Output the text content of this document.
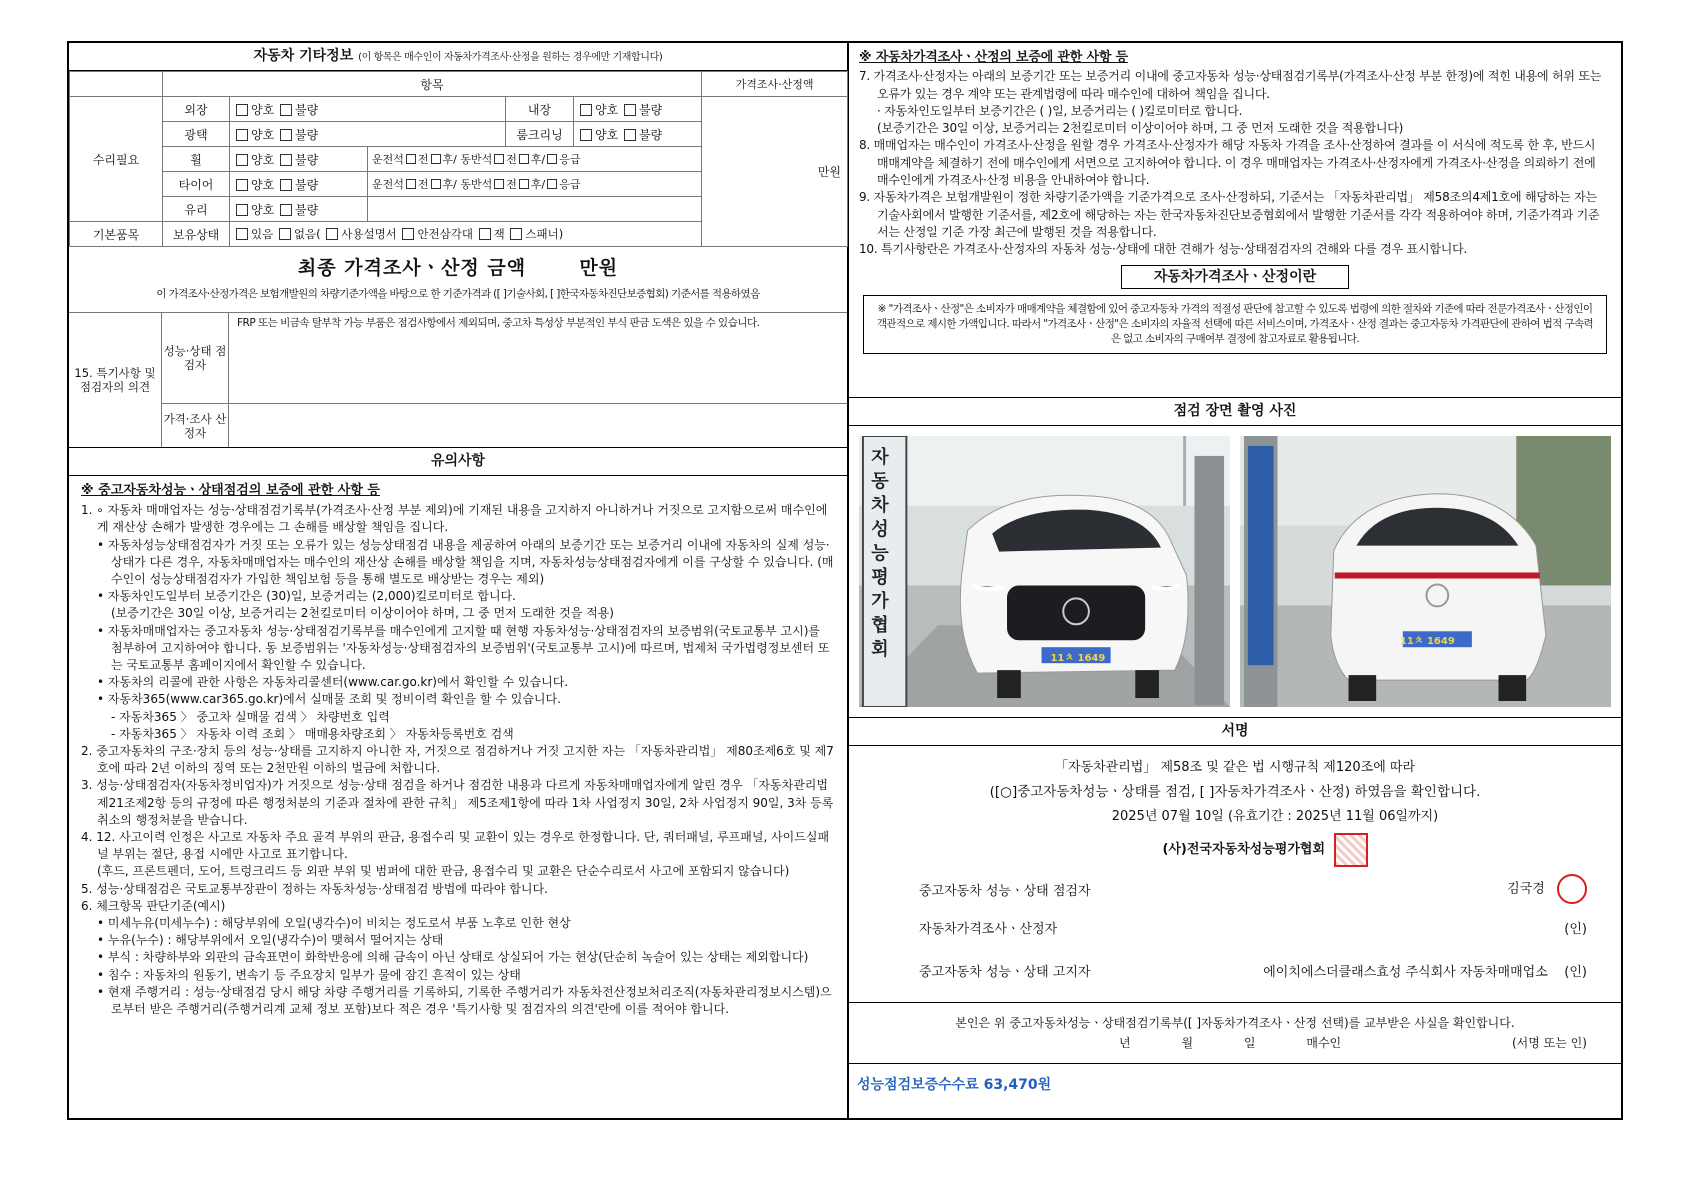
자동차 기타정보 (이 항목은 매수인이 자동차가격조사·산정을 원하는 경우에만 기재합니다)
	항목					가격조사·산정액
수리필요	외장	양호 불량		내장	양호 불량	만원
	광택	양호 불량		룸크리닝	양호 불량	
	휠	양호 불량	운전석 전 후/ 동반석 전 후/ 응급			
	타이어	양호 불량	운전석 전 후/ 동반석 전 후/ 응급			
	유리	양호 불량				
기본품목	보유상태	있음 없음( 사용설명서 안전삼각대 잭 스패너)				
최종 가격조사ㆍ산정 금액	만원
이 가격조사·산정가격은 보험개발원의 차량기준가액을 바탕으로 한 기준가격과 ([ ]기술사회, [ ]한국자동차진단보증협회) 기준서를 적용하였음
15. 특기사항 및 점검자의 의견
성능·상태 점검자
FRP 또는 비금속 탈부착 가능 부품은 점검사항에서 제외되며, 중고차 특성상 부분적인 부식 판금 도색은 있을 수 있습니다.
가격·조사 산정자
유의사항
※ 중고자동차성능ㆍ상태점검의 보증에 관한 사항 등

1. ∘ 자동차 매매업자는 성능·상태점검기록부(가격조사·산정 부분 제외)에 기재된 내용을 고지하지 아니하거나 거짓으로 고지함으로써 매수인에게 재산상 손해가 발생한 경우에는 그 손해를 배상할 책임을 집니다.

• 자동차성능상태점검자가 거짓 또는 오류가 있는 성능상태점검 내용을 제공하여 아래의 보증기간 또는 보증거리 이내에 자동차의 실제 성능·상태가 다른 경우, 자동차매매업자는 매수인의 재산상 손해를 배상할 책임을 지며, 자동차성능상태점검자에게 이를 구상할 수 있습니다. (매수인이 성능상태점검자가 가입한 책임보험 등을 통해 별도로 배상받는 경우는 제외)

• 자동차인도일부터 보증기간은 (30)일, 보증거리는 (2,000)킬로미터로 합니다.

(보증기간은 30일 이상, 보증거리는 2천킬로미터 이상이어야 하며, 그 중 먼저 도래한 것을 적용)

• 자동차매매업자는 중고자동차 성능·상태점검기록부를 매수인에게 고지할 때 현행 자동차성능·상태점검자의 보증범위(국토교통부 고시)를 첨부하여 고지하여야 합니다. 동 보증범위는 '자동차성능·상태점검자의 보증범위'(국토교통부 고시)에 따르며, 법제처 국가법령정보센터 또는 국토교통부 홈페이지에서 확인할 수 있습니다.

• 자동차의 리콜에 관한 사항은 자동차리콜센터(www.car.go.kr)에서 확인할 수 있습니다.

• 자동차365(www.car365.go.kr)에서 실매물 조회 및 정비이력 확인을 할 수 있습니다.

- 자동차365 〉 중고차 실매물 검색 〉 차량번호 입력

- 자동차365 〉 자동차 이력 조회 〉 매매용차량조회 〉 자동차등록번호 검색

2. 중고자동차의 구조·장치 등의 성능·상태를 고지하지 아니한 자, 거짓으로 점검하거나 거짓 고지한 자는 「자동차관리법」 제80조제6호 및 제7호에 따라 2년 이하의 징역 또는 2천만원 이하의 벌금에 처합니다.

3. 성능·상태점검자(자동차정비업자)가 거짓으로 성능·상태 점검을 하거나 점검한 내용과 다르게 자동차매매업자에게 알린 경우 「자동차관리법 제21조제2항 등의 규정에 따른 행정처분의 기준과 절차에 관한 규칙」 제5조제1항에 따라 1차 사업정지 30일, 2차 사업정지 90일, 3차 등록취소의 행정처분을 받습니다.

4. 12. 사고이력 인정은 사고로 자동차 주요 골격 부위의 판금, 용접수리 및 교환이 있는 경우로 한정합니다. 단, 쿼터패널, 루프패널, 사이드실패널 부위는 절단, 용접 시에만 사고로 표기합니다.

(후드, 프론트펜더, 도어, 트렁크리드 등 외판 부위 및 범퍼에 대한 판금, 용접수리 및 교환은 단순수리로서 사고에 포함되지 않습니다)

5. 성능·상태점검은 국토교통부장관이 정하는 자동차성능·상태점검 방법에 따라야 합니다.

6. 체크항목 판단기준(예시)

• 미세누유(미세누수) : 해당부위에 오일(냉각수)이 비치는 정도로서 부품 노후로 인한 현상

• 누유(누수) : 해당부위에서 오일(냉각수)이 맺혀서 떨어지는 상태

• 부식 : 차량하부와 외판의 금속표면이 화학반응에 의해 금속이 아닌 상태로 상실되어 가는 현상(단순히 녹슬어 있는 상태는 제외합니다)

• 침수 : 자동차의 원동기, 변속기 등 주요장치 일부가 물에 잠긴 흔적이 있는 상태

• 현재 주행거리 : 성능·상태점검 당시 해당 차량 주행거리를 기록하되, 기록한 주행거리가 자동차전산정보처리조직(자동차관리정보시스템)으로부터 받은 주행거리(주행거리계 교체 정보 포함)보다 적은 경우 '특기사항 및 점검자의 의견'란에 이를 적어야 합니다.

※ 자동차가격조사ㆍ산정의 보증에 관한 사항 등

7. 가격조사·산정자는 아래의 보증기간 또는 보증거리 이내에 중고자동차 성능·상태점검기록부(가격조사·산정 부분 한정)에 적힌 내용에 허위 또는 오류가 있는 경우 계약 또는 관계법령에 따라 매수인에 대하여 책임을 집니다.

· 자동차인도일부터 보증기간은 ( )일, 보증거리는 ( )킬로미터로 합니다.

(보증기간은 30일 이상, 보증거리는 2천킬로미터 이상이어야 하며, 그 중 먼저 도래한 것을 적용합니다)

8. 매매업자는 매수인이 가격조사·산정을 원할 경우 가격조사·산정자가 해당 자동차 가격을 조사·산정하여 결과를 이 서식에 적도록 한 후, 반드시 매매계약을 체결하기 전에 매수인에게 서면으로 고지하여야 합니다. 이 경우 매매업자는 가격조사·산정자에게 가격조사·산정을 의뢰하기 전에 매수인에게 가격조사·산정 비용을 안내하여야 합니다.

9. 자동차가격은 보험개발원이 정한 차량기준가액을 기준가격으로 조사·산정하되, 기준서는 「자동차관리법」 제58조의4제1호에 해당하는 자는 기술사회에서 발행한 기준서를, 제2호에 해당하는 자는 한국자동차진단보증협회에서 발행한 기준서를 각각 적용하여야 하며, 기준가격과 기준서는 산정일 기준 가장 최근에 발행된 것을 적용합니다.

10. 특기사항란은 가격조사·산정자의 자동차 성능·상태에 대한 견해가 성능·상태점검자의 견해와 다를 경우 표시합니다.

자동차가격조사ㆍ산정이란
※ "가격조사ㆍ산정"은 소비자가 매매계약을 체결함에 있어 중고자동차 가격의 적절성 판단에 참고할 수 있도록 법령에 의한 절차와 기준에 따라 전문가격조사ㆍ산정인이 객관적으로 제시한 가액입니다. 따라서 "가격조사ㆍ산정"은 소비자의 자율적 선택에 따른 서비스이며, 가격조사ㆍ산정 결과는 중고자동차 가격판단에 관하여 법적 구속력은 없고 소비자의 구매여부 결정에 참고자료로 활용됩니다.
점검 장면 촬영 사진
자동차성능평가협회	11ㅊ 1649
11ㅊ 1649
서명
「자동차관리법」 제58조 및 같은 법 시행규칙 제120조에 따라
([○]중고자동차성능ㆍ상태를 점검, [ ]자동차가격조사ㆍ산정) 하였음을 확인합니다.
2025년 07월 10일 (유효기간 : 2025년 11월 06일까지)
(사)전국자동차성능평가협회
중고자동차 성능ㆍ상태 점검자	김국경
자동차가격조사ㆍ산정자	(인)
중고자동차 성능ㆍ상태 고지자	에이치에스더클래스효성 주식회사 자동차매매업소 (인)
본인은 위 중고자동차성능ㆍ상태점검기록부([ ]자동차가격조사ㆍ산정 선택)를 교부받은 사실을 확인합니다.
년	월	일	매수인	(서명 또는 인)
성능점검보증수수료 63,470원
